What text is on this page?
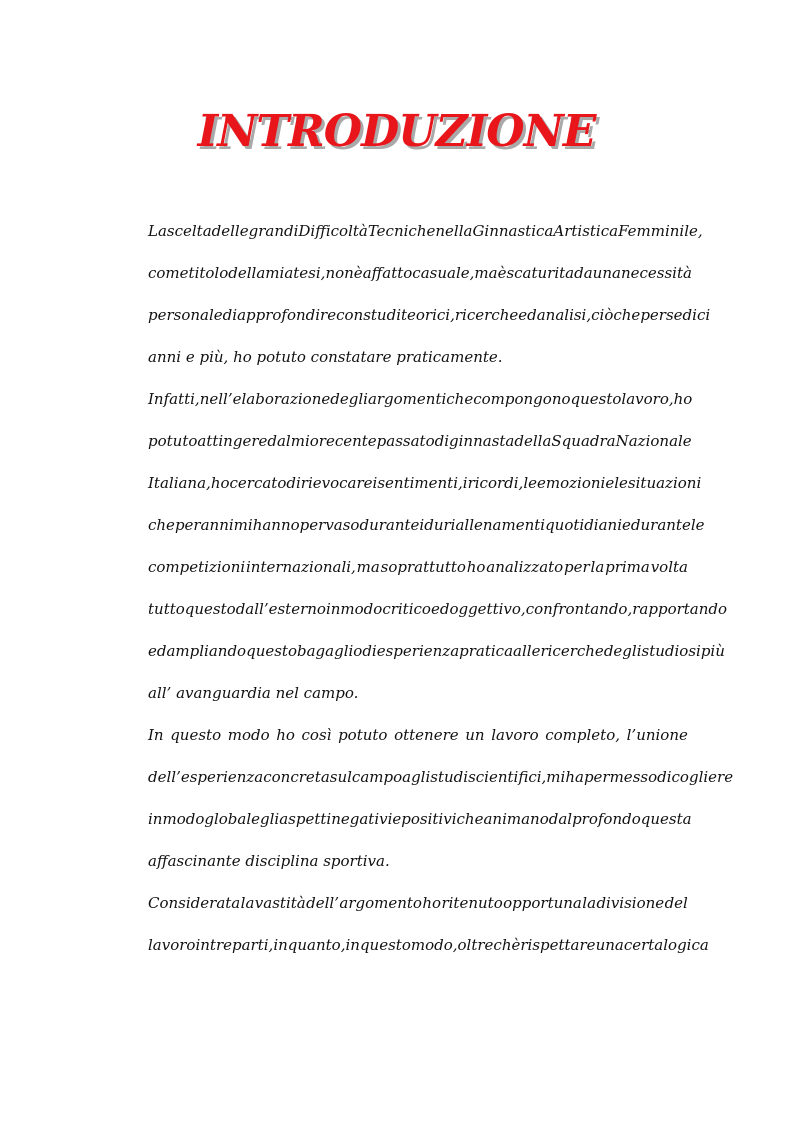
INTRODUZIONE
La scelta delle grandi Difficoltà Tecniche nella Ginnastica Artistica Femminile,
come titolo della mia tesi, non è affatto casuale, ma è scaturita da una necessità
personale di approfondire con studi teorici, ricerche ed analisi, ciò che per sedici
anni e più, ho potuto constatare praticamente.
Infatti, nell’ elaborazione degli argomenti che compongono questo lavoro, ho
potuto attingere dal mio recente passato di ginnasta della Squadra Nazionale
Italiana, ho cercato di rievocare i sentimenti, i ricordi, le emozioni e le situazioni
che per anni mi hanno pervaso durante i duri allenamenti quotidiani e durante le
competizioni internazionali, ma soprattutto ho analizzato per la prima volta
tutto questo dall’ esterno in modo critico ed oggettivo, confrontando , rapportando
ed ampliando questo bagaglio di esperienza pratica alle ricerche degli studiosi più
all’ avanguardia nel campo.
In questo modo ho così potuto ottenere un lavoro completo, l’unione
dell’esperienza concreta sul campo agli studi scientifici, mi ha permesso di cogliere
in modo globale gli aspetti negativi e positivi che animano dal profondo questa
affascinante disciplina sportiva.
Considerata la vastità dell’ argomento ho ritenuto opportuna la divisione del
lavoro in tre parti, in quanto, in questo modo, oltrechè rispettare una certa logica
